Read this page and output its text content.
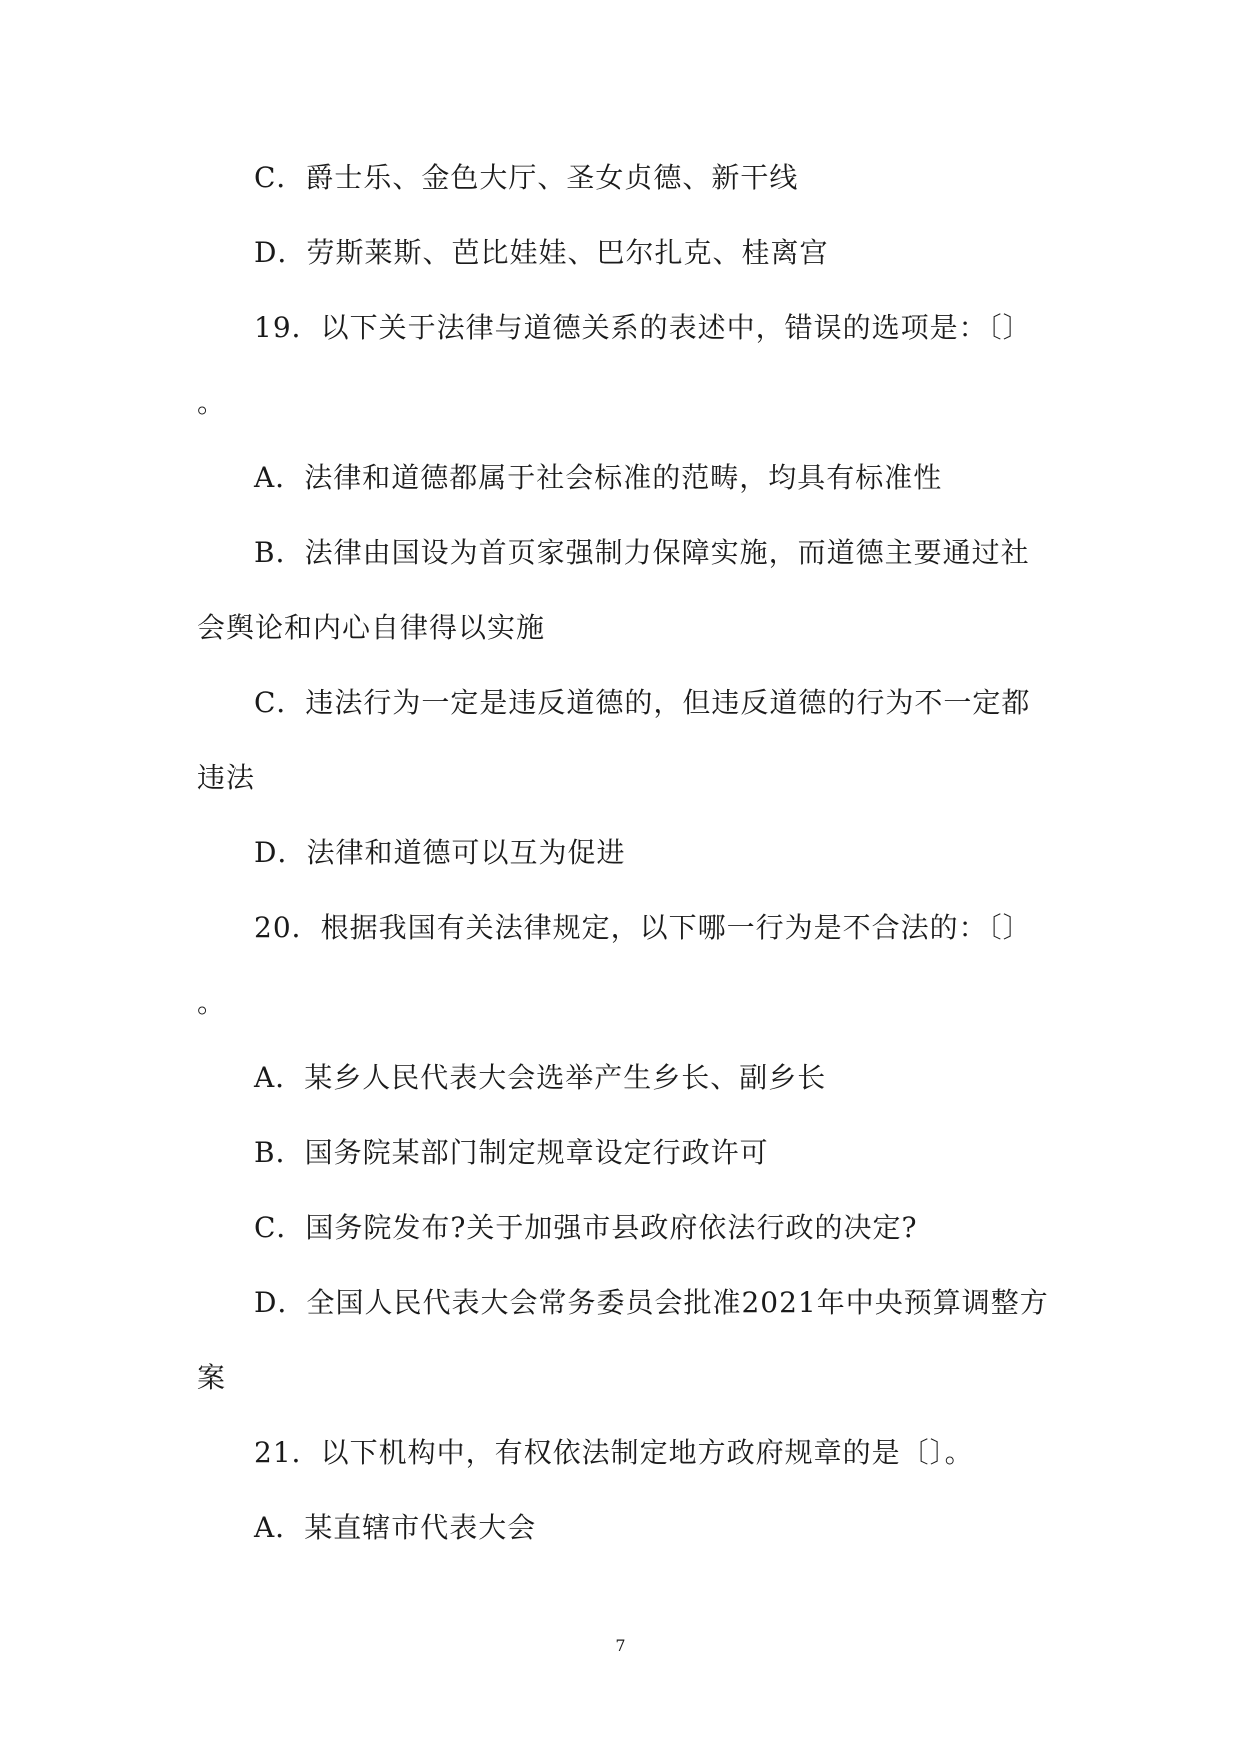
C．爵士乐、金色大厅、圣女贞德、新干线
D．劳斯莱斯、芭比娃娃、巴尔扎克、桂离宫
19．以下关于法律与道德关系的表述中，错误的选项是：〔〕
。
A．法律和道德都属于社会标准的范畴，均具有标准性
B．法律由国设为首页家强制力保障实施，而道德主要通过社
会舆论和内心自律得以实施
C．违法行为一定是违反道德的，但违反道德的行为不一定都
违法
D．法律和道德可以互为促进
20．根据我国有关法律规定，以下哪一行为是不合法的：〔〕
。
A．某乡人民代表大会选举产生乡长、副乡长
B．国务院某部门制定规章设定行政许可
C．国务院发布?关于加强市县政府依法行政的决定?
D．全国人民代表大会常务委员会批准2021年中央预算调整方
案
21．以下机构中，有权依法制定地方政府规章的是〔〕。
A．某直辖市代表大会
7
